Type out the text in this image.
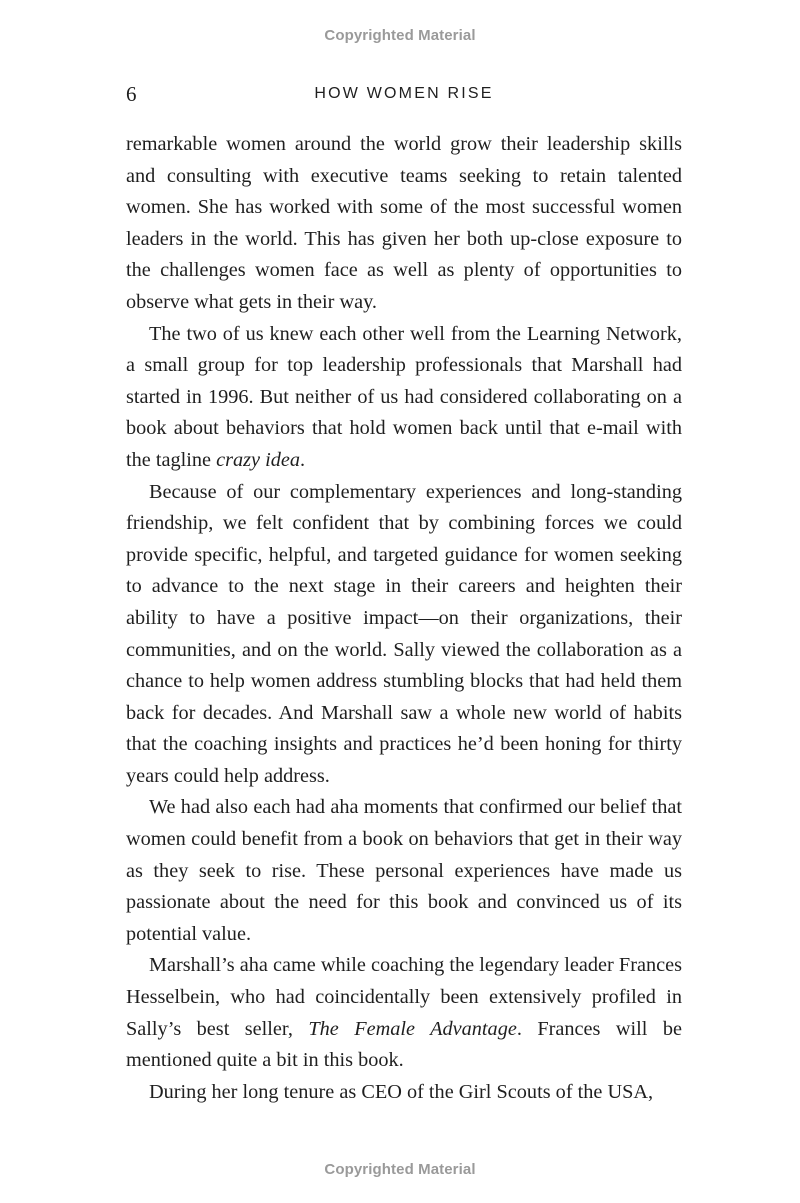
Copyrighted Material
6	HOW WOMEN RISE

remarkable women around the world grow their leadership skills and consulting with executive teams seeking to retain talented women. She has worked with some of the most successful women leaders in the world. This has given her both up-close exposure to the challenges women face as well as plenty of opportunities to observe what gets in their way.

The two of us knew each other well from the Learning Network, a small group for top leadership professionals that Marshall had started in 1996. But neither of us had considered collaborating on a book about behaviors that hold women back until that e-mail with the tagline crazy idea.

Because of our complementary experiences and long-standing friendship, we felt confident that by combining forces we could provide specific, helpful, and targeted guidance for women seeking to advance to the next stage in their careers and heighten their ability to have a positive impact—on their organizations, their communities, and on the world. Sally viewed the collaboration as a chance to help women address stumbling blocks that had held them back for decades. And Marshall saw a whole new world of habits that the coaching insights and practices he’d been honing for thirty years could help address.

We had also each had aha moments that confirmed our belief that women could benefit from a book on behaviors that get in their way as they seek to rise. These personal experiences have made us passionate about the need for this book and convinced us of its potential value.

Marshall’s aha came while coaching the legendary leader Frances Hesselbein, who had coincidentally been extensively profiled in Sally’s best seller, The Female Advantage. Frances will be mentioned quite a bit in this book.

During her long tenure as CEO of the Girl Scouts of the USA,

Copyrighted Material
